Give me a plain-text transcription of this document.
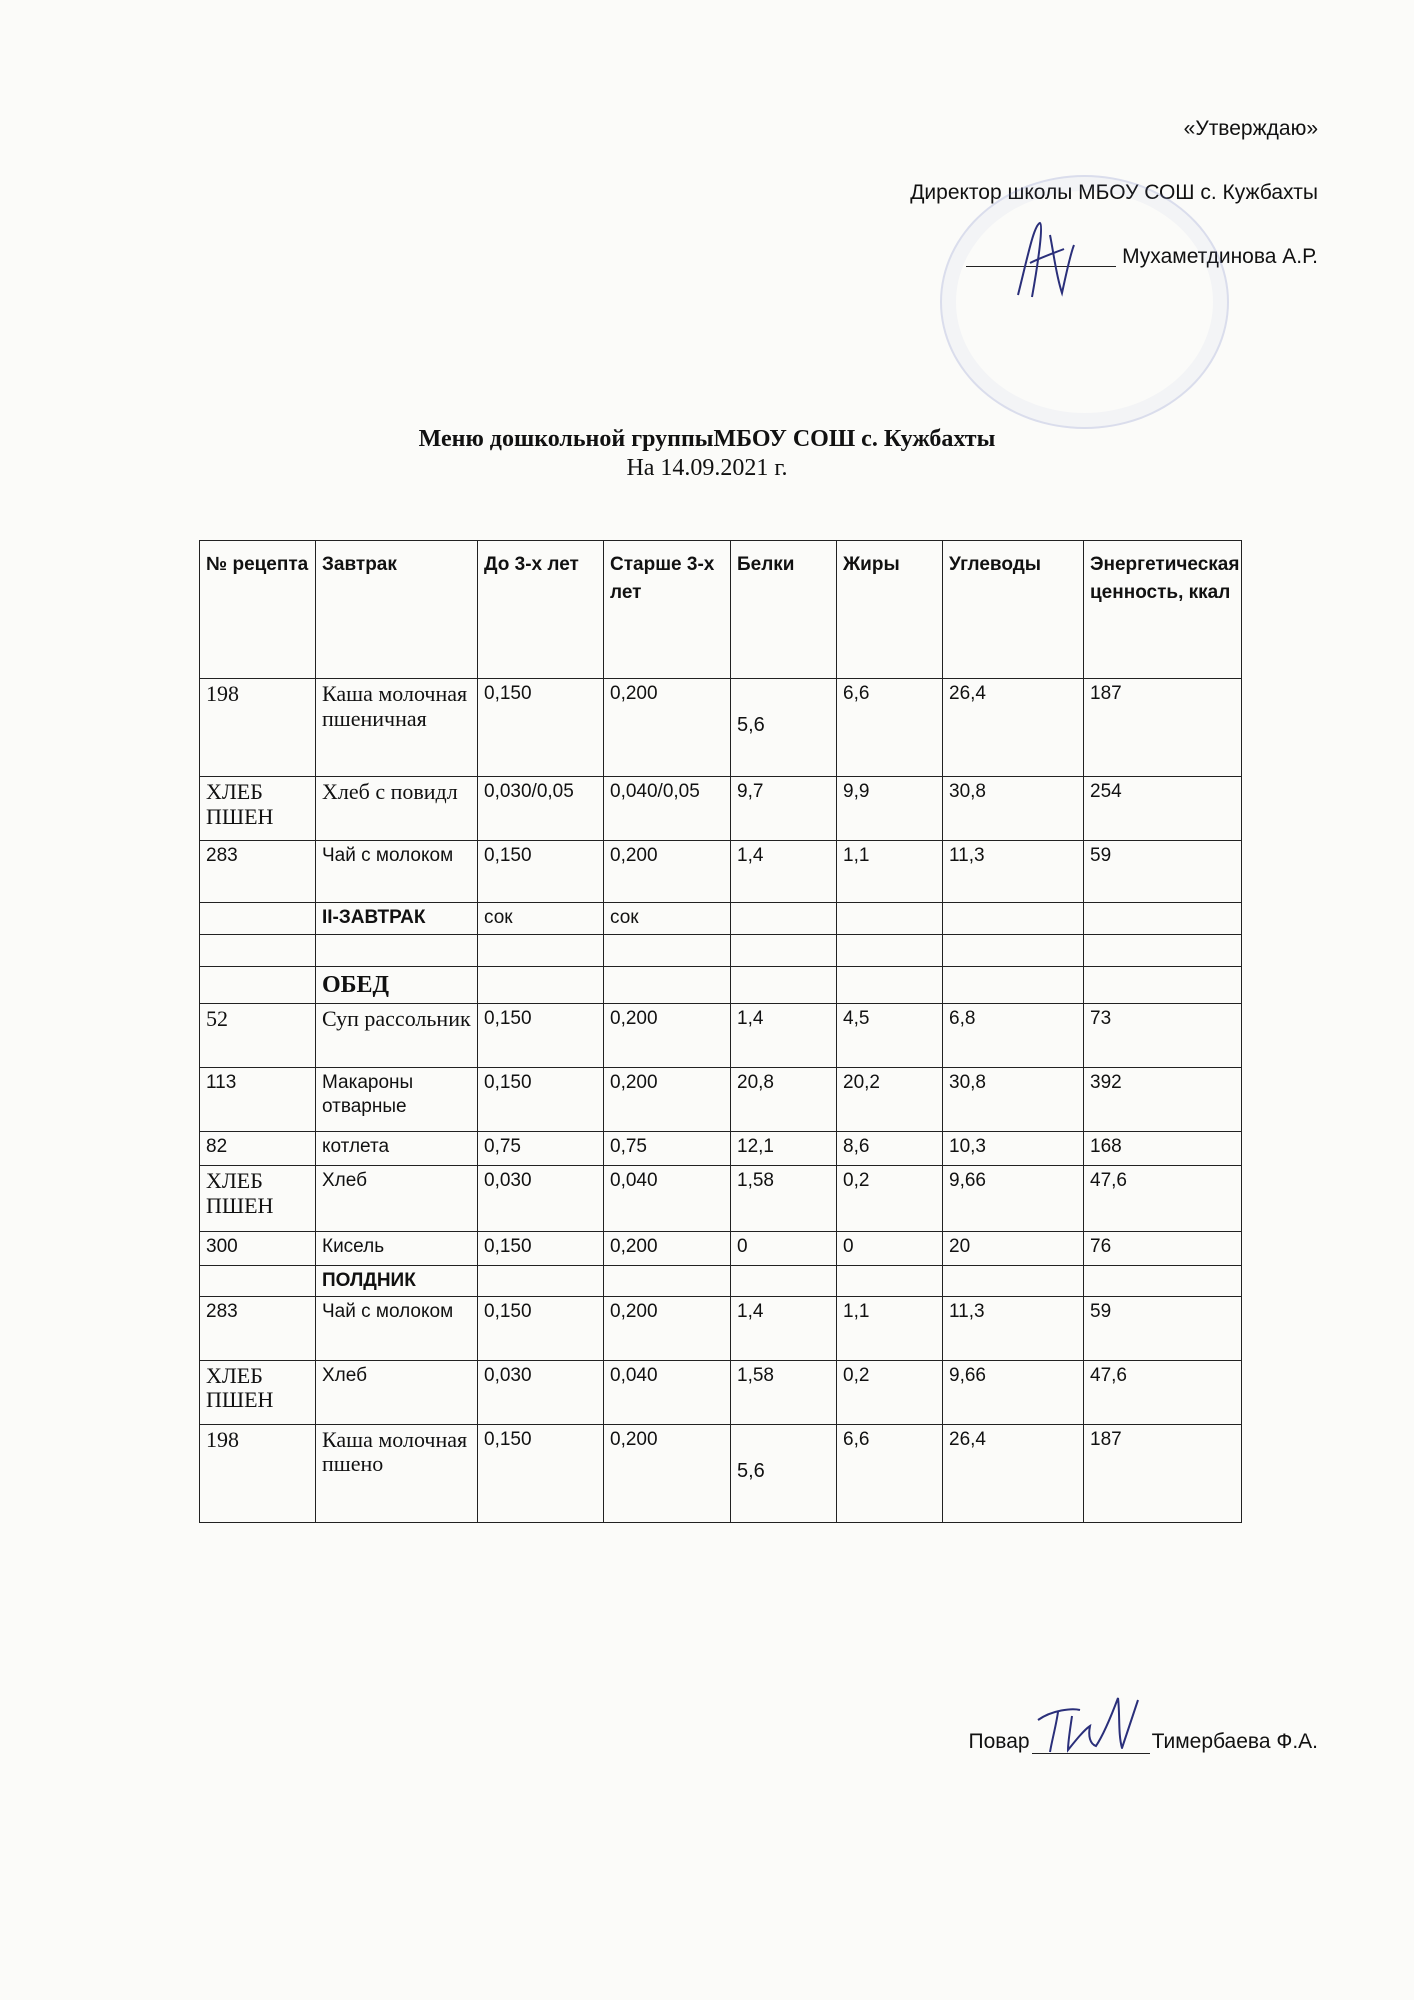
«Утверждаю»
Директор школы МБОУ СОШ с. Кужбахты
Мухаметдинова А.Р.
Меню дошкольной группыМБОУ СОШ с. Кужбахты
На 14.09.2021 г.
№ рецепта	Завтрак	До 3-х лет	Старше 3-х лет	Белки	Жиры	Углеводы	Энергетическая ценность, ккал
198	Каша молочная пшеничная	0,150	0,200	5,6	6,6	26,4	187
ХЛЕБ ПШЕН	Хлеб с повидл	0,030/0,05	0,040/0,05	9,7	9,9	30,8	254
283	Чай с молоком	0,150	0,200	1,4	1,1	11,3	59
	II-ЗАВТРАК	сок	сок				

	ОБЕД						
52	Суп рассольник	0,150	0,200	1,4	4,5	6,8	73
113	Макароны отварные	0,150	0,200	20,8	20,2	30,8	392
82	котлета	0,75	0,75	12,1	8,6	10,3	168
ХЛЕБ ПШЕН	Хлеб	0,030	0,040	1,58	0,2	9,66	47,6
300	Кисель	0,150	0,200	0	0	20	76
	ПОЛДНИК						
283	Чай с молоком	0,150	0,200	1,4	1,1	11,3	59
ХЛЕБ ПШЕН	Хлеб	0,030	0,040	1,58	0,2	9,66	47,6
198	Каша молочная пшено	0,150	0,200	5,6	6,6	26,4	187
Повар	Тимербаева Ф.А.
